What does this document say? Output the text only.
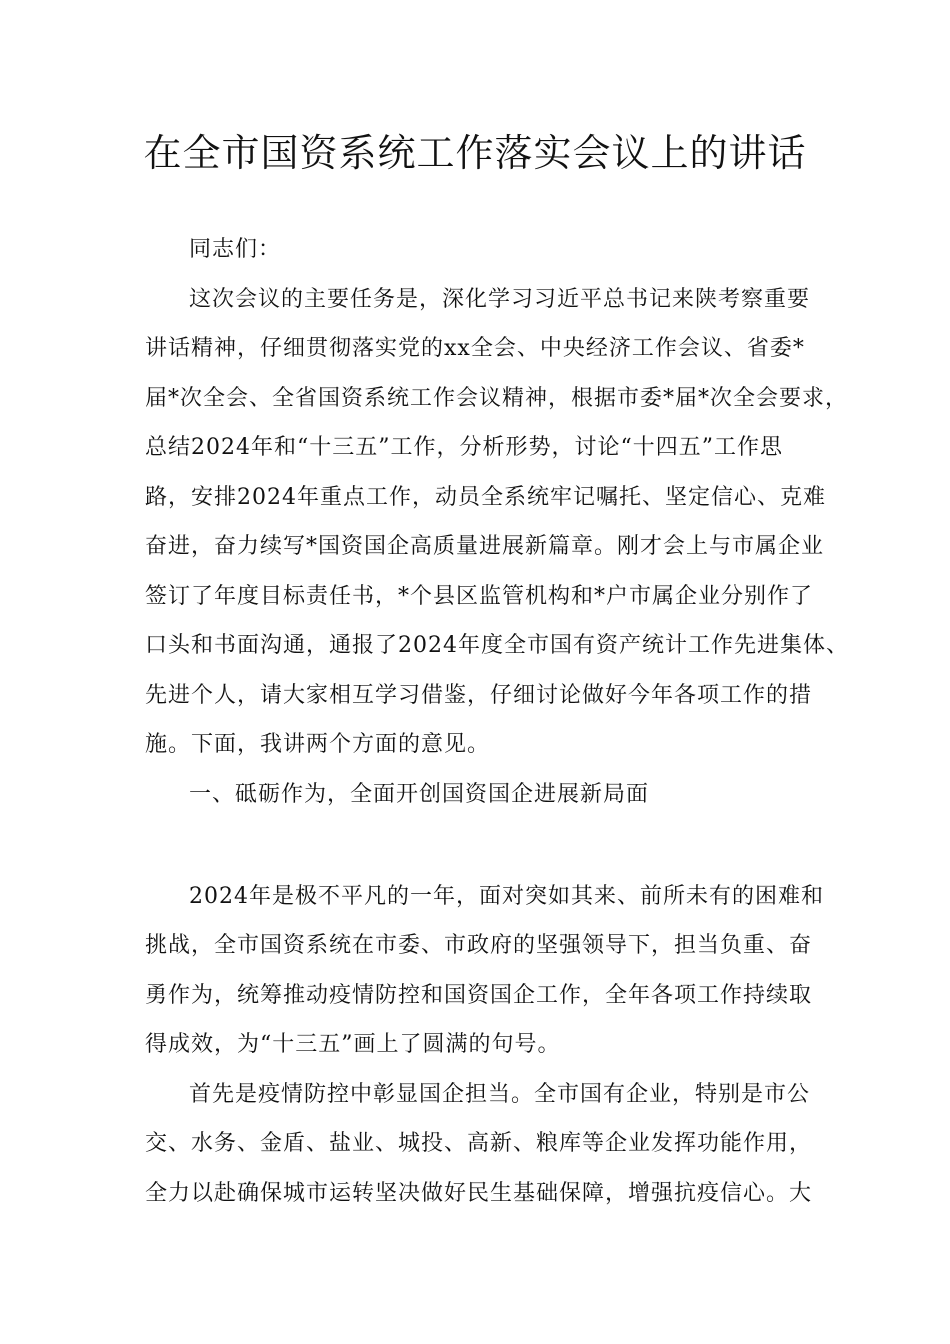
在全市国资系统工作落实会议上的讲话
同志们：
这次会议的主要任务是，深化学习习近平总书记来陕考察重要
讲话精神，仔细贯彻落实党的xx全会、中央经济工作会议、省委*
届*次全会、全省国资系统工作会议精神，根据市委*届*次全会要求，
总结2024年和“十三五”工作，分析形势，讨论“十四五”工作思
路，安排2024年重点工作，动员全系统牢记嘱托、坚定信心、克难
奋进，奋力续写*国资国企高质量进展新篇章。刚才会上与市属企业
签订了年度目标责任书，*个县区监管机构和*户市属企业分别作了
口头和书面沟通，通报了2024年度全市国有资产统计工作先进集体、
先进个人，请大家相互学习借鉴，仔细讨论做好今年各项工作的措
施。下面，我讲两个方面的意见。
一、砥砺作为，全面开创国资国企进展新局面
2024年是极不平凡的一年，面对突如其来、前所未有的困难和
挑战，全市国资系统在市委、市政府的坚强领导下，担当负重、奋
勇作为，统筹推动疫情防控和国资国企工作，全年各项工作持续取
得成效，为“十三五”画上了圆满的句号。
首先是疫情防控中彰显国企担当。全市国有企业，特别是市公
交、水务、金盾、盐业、城投、高新、粮库等企业发挥功能作用，
全力以赴确保城市运转坚决做好民生基础保障，增强抗疫信心。大
